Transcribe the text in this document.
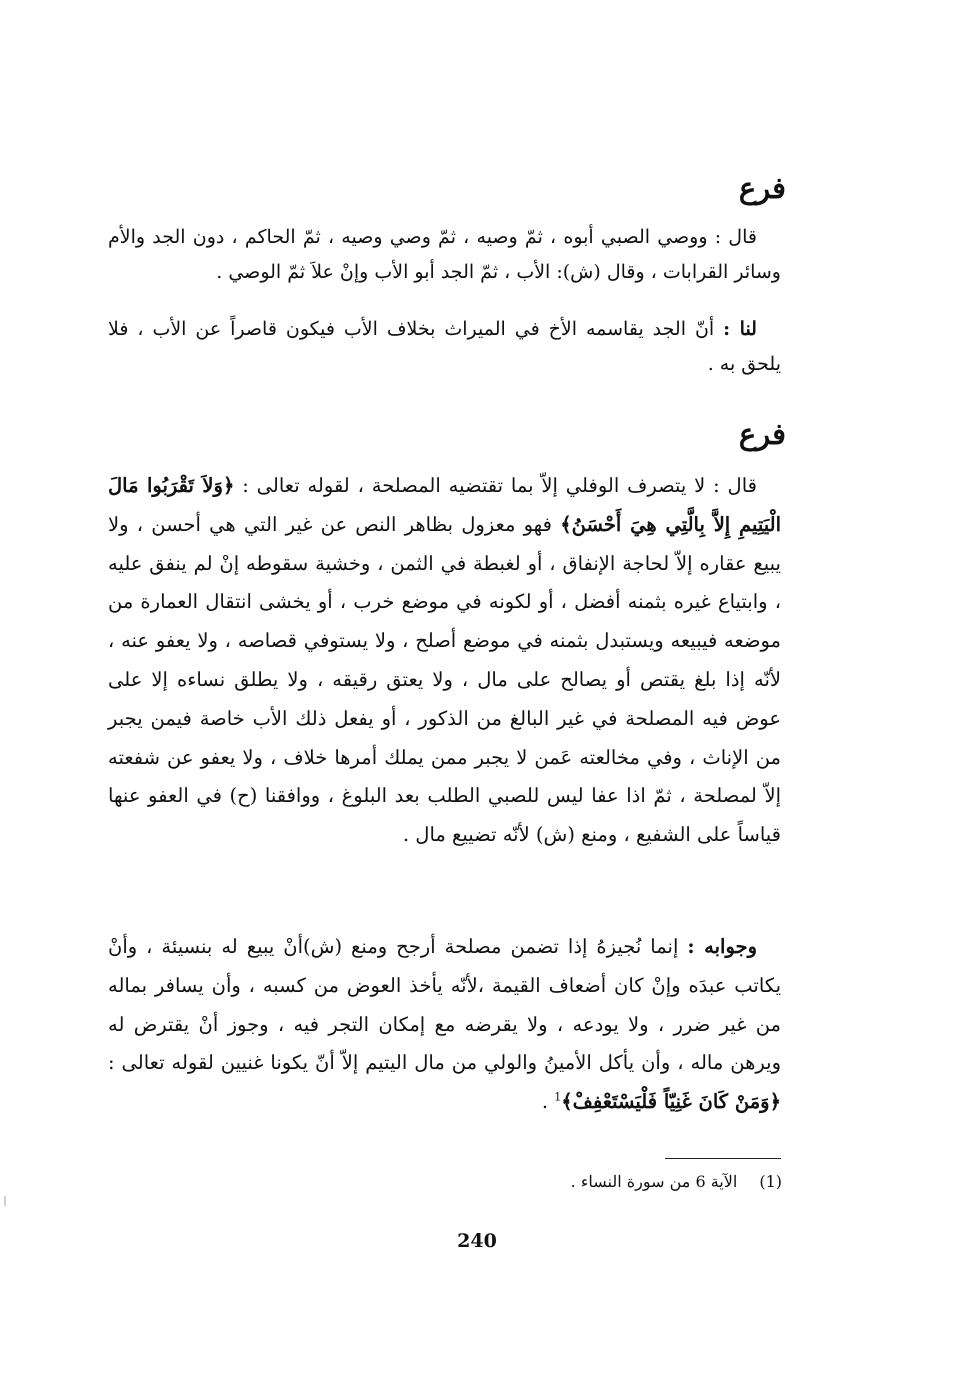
فرع

قال : ووصي الصبي أبوه ، ثمّ وصيه ، ثمّ وصي وصيه ، ثمّ الحاكم ، دون الجد والأم وسائر القرابات ، وقال (ش): الأب ، ثمّ الجد أبو الأب وإنْ علاَ ثمّ الوصي .

لنا : أنّ الجد يقاسمه الأخ في الميراث بخلاف الأب فيكون قاصراً عن الأب ، فلا يلحق به .

فرع

قال : لا يتصرف الوفلي إلاّ بما تقتضيه المصلحة ، لقوله تعالى : ﴿وَلاَ تَقْرَبُوا مَالَ الْيَتِيمِ إِلاَّ بِالَّتِي هِيَ أَحْسَنُ﴾ فهو معزول بظاهر النص عن غير التي هي أحسن ، ولا يبيع عقاره إلاّ لحاجة الإنفاق ، أو لغبطة في الثمن ، وخشية سقوطه إنْ لم ينفق عليه ، وابتياع غيره بثمنه أفضل ، أو لكونه في موضع خرب ، أو يخشى انتقال العمارة من موضعه فيبيعه ويستبدل بثمنه في موضع أصلح ، ولا يستوفي قصاصه ، ولا يعفو عنه ، لأنّه إذا بلغ يقتص أو يصالح على مال ، ولا يعتق رقيقه ، ولا يطلق نساءه إلا على عوض فيه المصلحة في غير البالغ من الذكور ، أو يفعل ذلك الأب خاصة فيمن يجبر من الإناث ، وفي مخالعته عَمن لا يجبر ممن يملك أمرها خلاف ، ولا يعفو عن شفعته إلاّ لمصلحة ، ثمّ اذا عفا ليس للصبي الطلب بعد البلوغ ، ووافقنا (ح) في العفو عنها قياساً على الشفيع ، ومنع (ش) لأنّه تضييع مال .

وجوابه : إنما نُجيزهُ إذا تضمن مصلحة أرجح ومنع (ش)أنْ يبيع له بنسيئة ، وأنْ يكاتب عبدَه وإنْ كان أضعاف القيمة ،لأنّه يأخذ العوض من كسبه ، وأن يسافر بماله من غير ضرر ، ولا يودعه ، ولا يقرضه مع إمكان التجر فيه ، وجوز أنْ يقترض له ويرهن ماله ، وأن يأكل الأمينُ والولي من مال اليتيم إلاّ أنّ يكونا غنيين لقوله تعالى : ﴿وَمَنْ كَانَ غَنِيّاً فَلْيَسْتَعْفِفْ﴾$^1$ .

(1)الآية 6 من سورة النساء .
240
